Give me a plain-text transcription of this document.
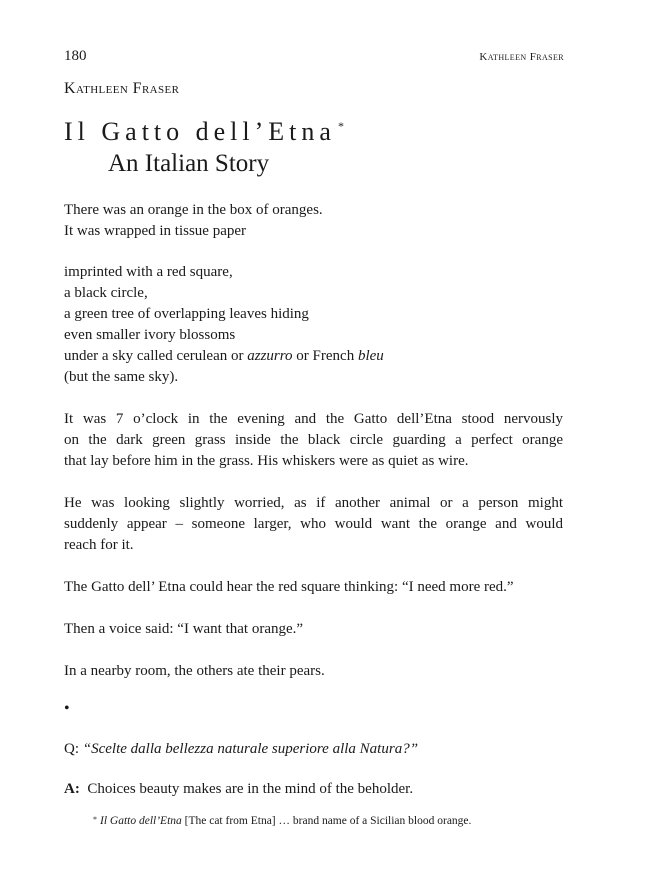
180	Kathleen Fraser
Kathleen Fraser
Il Gatto dell’Etna *
An Italian Story
There was an orange in the box of oranges.
It was wrapped in tissue paper
imprinted with a red square,
a black circle,
a green tree of overlapping leaves hiding
even smaller ivory blossoms
under a sky called cerulean or azzurro or French bleu
(but the same sky).
It was 7 o’clock in the evening and the Gatto dell’Etna stood nervously
on the dark green grass inside the black circle guarding a perfect orange
that lay before him in the grass. His whiskers were as quiet as wire.
He was looking slightly worried, as if another animal or a person might
suddenly appear – someone larger, who would want the orange and would
reach for it.
The Gatto dell’ Etna could hear the red square thinking: “I need more red.”
Then a voice said: “I want that orange.”
In a nearby room, the others ate their pears.
•
Q: “Scelte dalla bellezza naturale superiore alla Natura?”
A: Choices beauty makes are in the mind of the beholder.
* Il Gatto dell’Etna [The cat from Etna] … brand name of a Sicilian blood orange.
